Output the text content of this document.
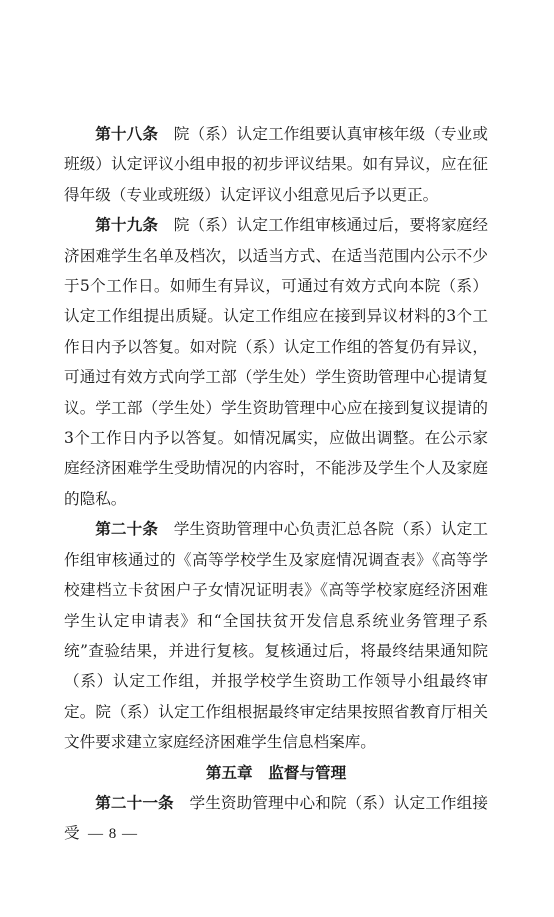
第十八条　 院（系）认定工作组要认真审核年级（专业或班级）认定评议小组申报的初步评议结果。如有异议，应在征得年级（专业或班级）认定评议小组意见后予以更正。

第十九条　 院（系）认定工作组审核通过后，要将家庭经济困难学生名单及档次，以适当方式、在适当范围内公示不少于5个工作日。如师生有异议，可通过有效方式向本院（系）认定工作组提出质疑。认定工作组应在接到异议材料的3个工作日内予以答复。如对院（系）认定工作组的答复仍有异议，可通过有效方式向学工部（学生处）学生资助管理中心提请复议。学工部（学生处）学生资助管理中心应在接到复议提请的3个工作日内予以答复。如情况属实，应做出调整。在公示家庭经济困难学生受助情况的内容时，不能涉及学生个人及家庭的隐私。

第二十条　 学生资助管理中心负责汇总各院（系）认定工作组审核通过的《高等学校学生及家庭情况调查表》《高等学校建档立卡贫困户子女情况证明表》《高等学校家庭经济困难学生认定申请表》和“全国扶贫开发信息系统业务管理子系统”查验结果，并进行复核。复核通过后，将最终结果通知院（系）认定工作组，并报学校学生资助工作领导小组最终审定。院（系）认定工作组根据最终审定结果按照省教育厅相关文件要求建立家庭经济困难学生信息档案库。

第五章　监督与管理

第二十一条　 学生资助管理中心和院（系）认定工作组接受 — 8 —
